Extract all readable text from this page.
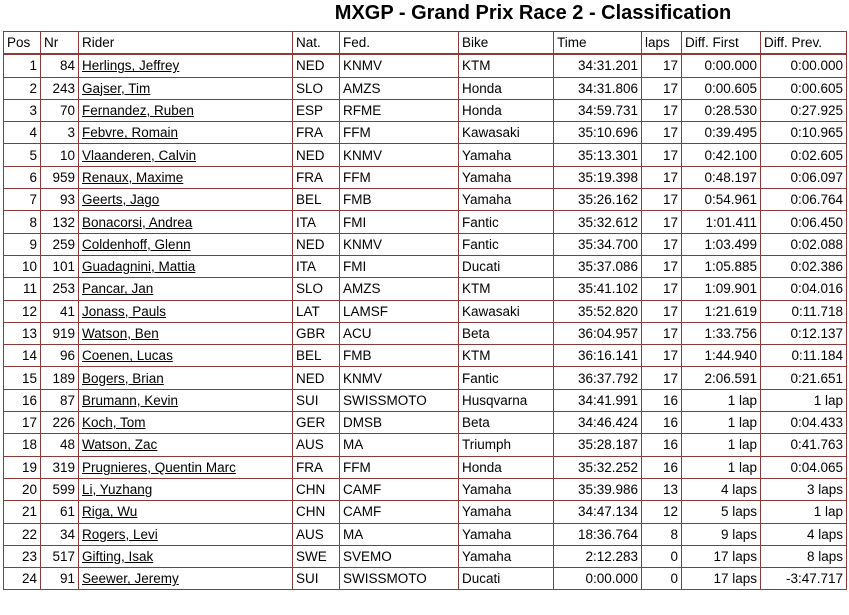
MXGP - Grand Prix Race 2 - Classification
Pos	Nr	Rider	Nat.	Fed.	Bike	Time	laps	Diff. First	Diff. Prev.
1	84	Herlings, Jeffrey	NED	KNMV	KTM	34:31.201	17	0:00.000	0:00.000
2	243	Gajser, Tim	SLO	AMZS	Honda	34:31.806	17	0:00.605	0:00.605
3	70	Fernandez, Ruben	ESP	RFME	Honda	34:59.731	17	0:28.530	0:27.925
4	3	Febvre, Romain	FRA	FFM	Kawasaki	35:10.696	17	0:39.495	0:10.965
5	10	Vlaanderen, Calvin	NED	KNMV	Yamaha	35:13.301	17	0:42.100	0:02.605
6	959	Renaux, Maxime	FRA	FFM	Yamaha	35:19.398	17	0:48.197	0:06.097
7	93	Geerts, Jago	BEL	FMB	Yamaha	35:26.162	17	0:54.961	0:06.764
8	132	Bonacorsi, Andrea	ITA	FMI	Fantic	35:32.612	17	1:01.411	0:06.450
9	259	Coldenhoff, Glenn	NED	KNMV	Fantic	35:34.700	17	1:03.499	0:02.088
10	101	Guadagnini, Mattia	ITA	FMI	Ducati	35:37.086	17	1:05.885	0:02.386
11	253	Pancar, Jan	SLO	AMZS	KTM	35:41.102	17	1:09.901	0:04.016
12	41	Jonass, Pauls	LAT	LAMSF	Kawasaki	35:52.820	17	1:21.619	0:11.718
13	919	Watson, Ben	GBR	ACU	Beta	36:04.957	17	1:33.756	0:12.137
14	96	Coenen, Lucas	BEL	FMB	KTM	36:16.141	17	1:44.940	0:11.184
15	189	Bogers, Brian	NED	KNMV	Fantic	36:37.792	17	2:06.591	0:21.651
16	87	Brumann, Kevin	SUI	SWISSMOTO	Husqvarna	34:41.991	16	1 lap	1 lap
17	226	Koch, Tom	GER	DMSB	Beta	34:46.424	16	1 lap	0:04.433
18	48	Watson, Zac	AUS	MA	Triumph	35:28.187	16	1 lap	0:41.763
19	319	Prugnieres, Quentin Marc	FRA	FFM	Honda	35:32.252	16	1 lap	0:04.065
20	599	Li, Yuzhang	CHN	CAMF	Yamaha	35:39.986	13	4 laps	3 laps
21	61	Riga, Wu	CHN	CAMF	Yamaha	34:47.134	12	5 laps	1 lap
22	34	Rogers, Levi	AUS	MA	Yamaha	18:36.764	8	9 laps	4 laps
23	517	Gifting, Isak	SWE	SVEMO	Yamaha	2:12.283	0	17 laps	8 laps
24	91	Seewer, Jeremy	SUI	SWISSMOTO	Ducati	0:00.000	0	17 laps	-3:47.717
